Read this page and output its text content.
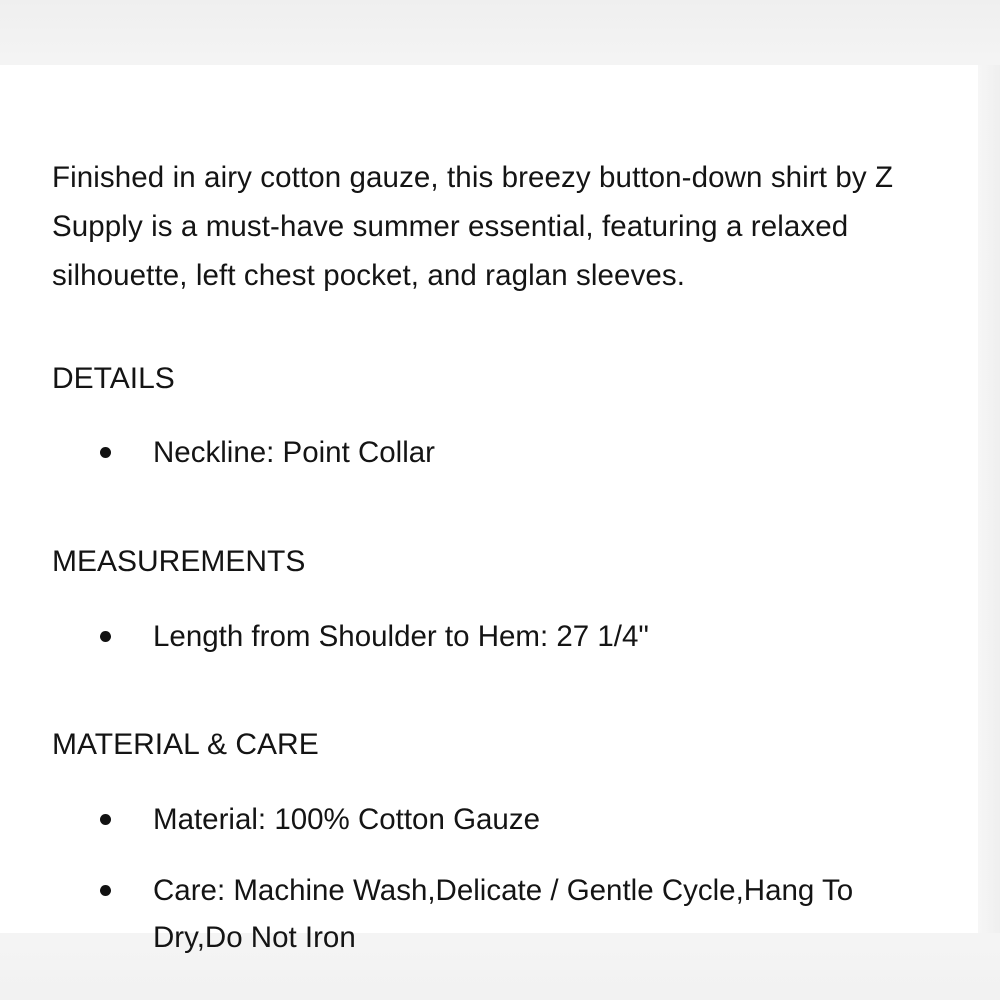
Finished in airy cotton gauze, this breezy button-down shirt by Z Supply is a must-have summer essential, featuring a relaxed silhouette, left chest pocket, and raglan sleeves.

DETAILS
Neckline: Point Collar
MEASUREMENTS
Length from Shoulder to Hem: 27 1/4"
MATERIAL & CARE
Material: 100% Cotton Gauze
Care: Machine Wash,Delicate / Gentle Cycle,Hang To Dry,Do Not Iron
